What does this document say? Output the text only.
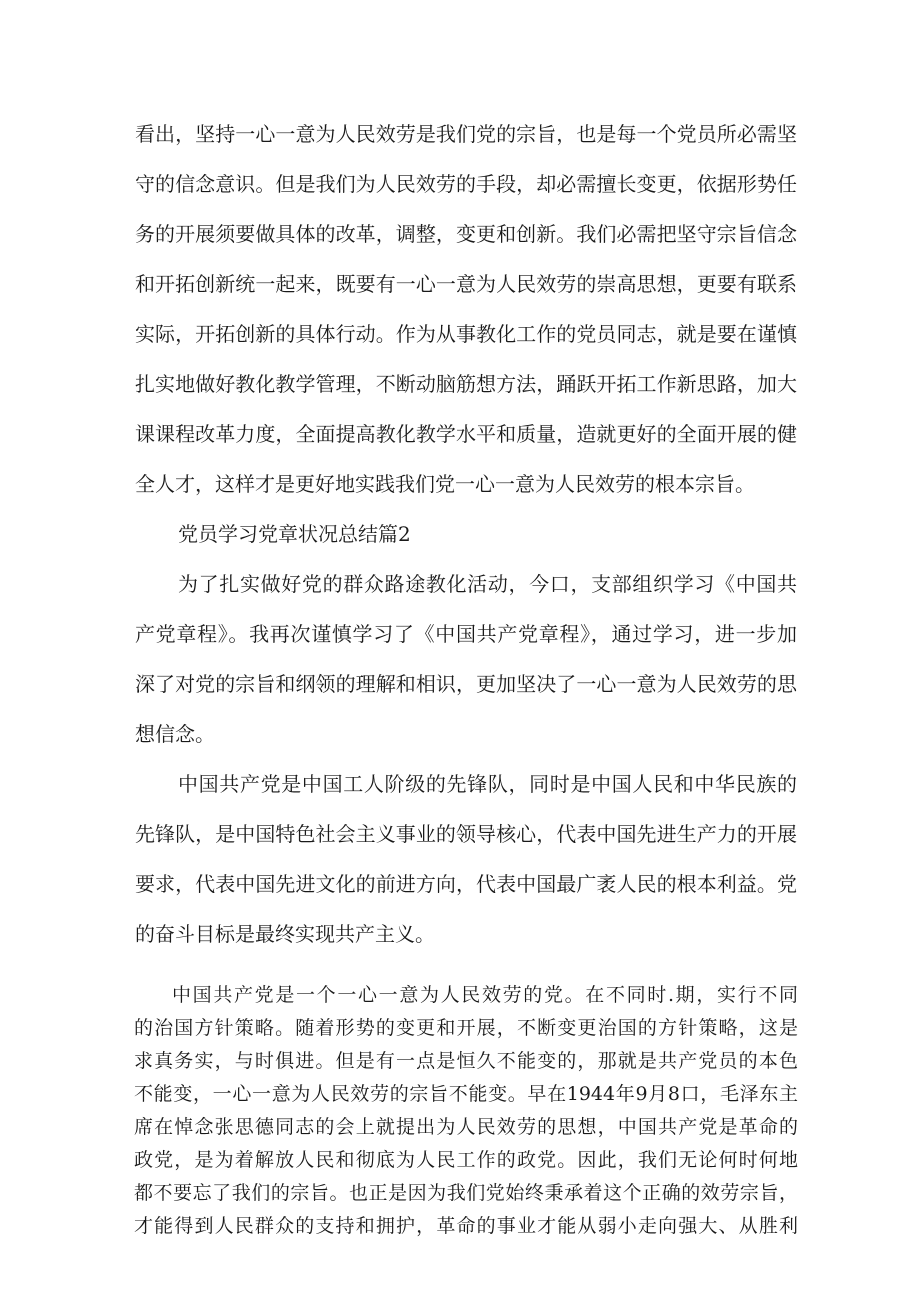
看出，坚持一心一意为人民效劳是我们党的宗旨，也是每一个党员所必需坚
守的信念意识。但是我们为人民效劳的手段，却必需擅长变更，依据形势任
务的开展须要做具体的改革，调整，变更和创新。我们必需把坚守宗旨信念
和开拓创新统一起来，既要有一心一意为人民效劳的崇高思想，更要有联系
实际，开拓创新的具体行动。作为从事教化工作的党员同志，就是要在谨慎
扎实地做好教化教学管理，不断动脑筋想方法，踊跃开拓工作新思路，加大
课课程改革力度，全面提高教化教学水平和质量，造就更好的全面开展的健
全人才，这样才是更好地实践我们党一心一意为人民效劳的根本宗旨。
党员学习党章状况总结篇2
为了扎实做好党的群众路途教化活动，今口，支部组织学习《中国共
产党章程》。我再次谨慎学习了《中国共产党章程》，通过学习，进一步加
深了对党的宗旨和纲领的理解和相识，更加坚决了一心一意为人民效劳的思
想信念。
中国共产党是中国工人阶级的先锋队，同时是中国人民和中华民族的
先锋队，是中国特色社会主义事业的领导核心，代表中国先进生产力的开展
要求，代表中国先进文化的前进方向，代表中国最广袤人民的根本利益。党
的奋斗目标是最终实现共产主义。
中国共产党是一个一心一意为人民效劳的党。在不同时.期，实行不同
的治国方针策略。随着形势的变更和开展，不断变更治国的方针策略，这是
求真务实，与时俱进。但是有一点是恒久不能变的，那就是共产党员的本色
不能变，一心一意为人民效劳的宗旨不能变。早在1944年9月8口，毛泽东主
席在悼念张思德同志的会上就提出为人民效劳的思想，中国共产党是革命的
政党，是为着解放人民和彻底为人民工作的政党。因此，我们无论何时何地
都不要忘了我们的宗旨。也正是因为我们党始终秉承着这个正确的效劳宗旨，
才能得到人民群众的支持和拥护，革命的事业才能从弱小走向强大、从胜利
